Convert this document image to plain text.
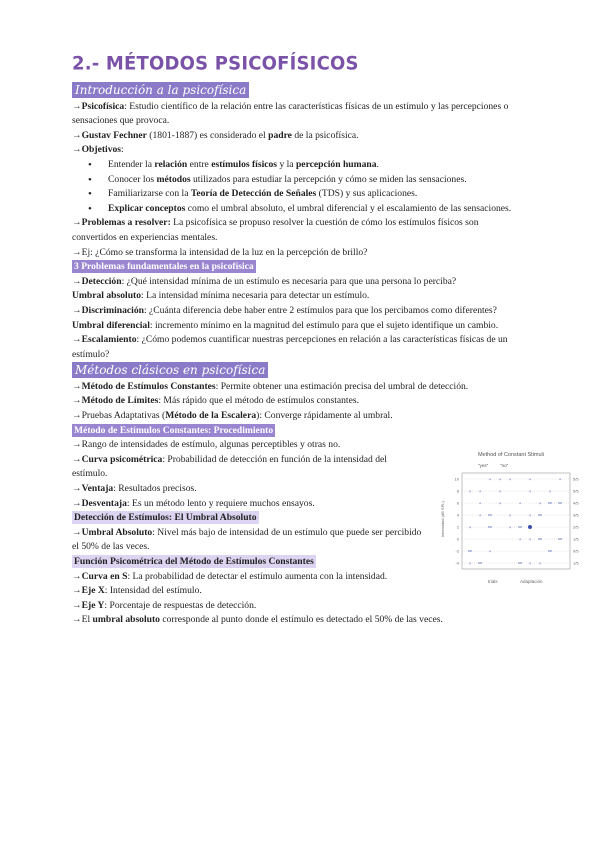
2.- MÉTODOS PSICOFÍSICOS
Introducción a la psicofísica

→Psicofísica: Estudio científico de la relación entre las características físicas de un estímulo y las percepciones o sensaciones que provoca.

→Gustav Fechner (1801-1887) es considerado el padre de la psicofísica.

→Objetivos:

• Entender la relación entre estímulos físicos y la percepción humana.
• Conocer los métodos utilizados para estudiar la percepción y cómo se miden las sensaciones.
• Familiarizarse con la Teoría de Detección de Señales (TDS) y sus aplicaciones.
• Explicar conceptos como el umbral absoluto, el umbral diferencial y el escalamiento de las sensaciones.

→Problemas a resolver: La psicofísica se propuso resolver la cuestión de cómo los estímulos físicos son convertidos en experiencias mentales.

→Ej: ¿Cómo se transforma la intensidad de la luz en la percepción de brillo?

3 Problemas fundamentales en la psicofísica

→Detección: ¿Qué intensidad mínima de un estímulo es necesaria para que una persona lo perciba?

Umbral absoluto: La intensidad mínima necesaria para detectar un estímulo.

→Discriminación: ¿Cuánta diferencia debe haber entre 2 estímulos para que los percibamos como diferentes? Umbral diferencial: incremento mínimo en la magnitud del estímulo para que el sujeto identifique un cambio.

→Escalamiento: ¿Cómo podemos cuantificar nuestras percepciones en relación a las características físicas de un estímulo?

Métodos clásicos en psicofísica

→Método de Estímulos Constantes: Permite obtener una estimación precisa del umbral de detección.

→Método de Límites: Más rápido que el método de estímulos constantes.

→Pruebas Adaptativas (Método de la Escalera): Converge rápidamente al umbral.

Método de Estímulos Constantes: Procedimiento

→Rango de intensidades de estímulo, algunas perceptibles y otras no.

→Curva psicométrica: Probabilidad de detección en función de la intensidad del estímulo.

→Ventaja: Resultados precisos.

→Desventaja: Es un método lento y requiere muchos ensayos.

Detección de Estímulos: El Umbral Absoluto

→Umbral Absoluto: Nivel más bajo de intensidad de un estímulo que puede ser percibido el 50% de las veces.

Función Psicométrica del Método de Estímulos Constantes

→Curva en S: La probabilidad de detectar el estímulo aumenta con la intensidad.

→Eje X: Intensidad del estímulo.

→Eje Y: Porcentaje de respuestas de detección.

→El umbral absoluto corresponde al punto donde el estímulo es detectado el 50% de las veces.

Method of Constant Stimuli
"yes"	"no"
Intensidad (dB SPL)
10
8
6
4
2
0
-2
-4
5/5
5/5
4/5
3/5
2/5
1/5
0/5
1/5
+ + +	+	+
+ +	+	+	+
+	+	+	+
+	+	+
+	+
+ +
+
+	+ +
trials	Adaptación
